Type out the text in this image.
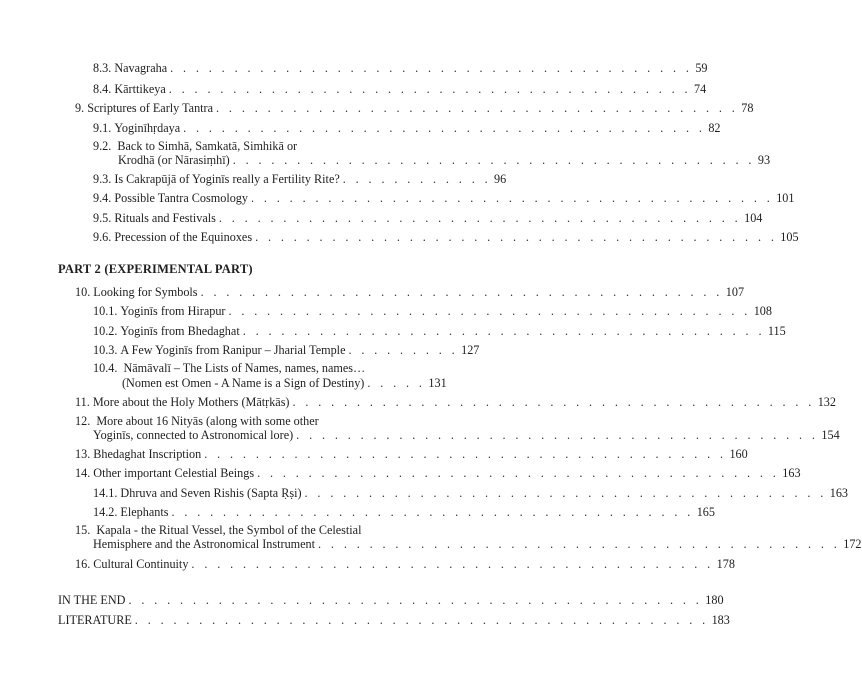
8.3.
Navagraha . . . . . . . . . . . . . . . . . . . . . . . . . . . . . . . . . . . . . . . . . 59
8.4.
Kārttikeya . . . . . . . . . . . . . . . . . . . . . . . . . . . . . . . . . . . . . . . . . 74
9.
Scriptures of Early Tantra . . . . . . . . . . . . . . . . . . . . . . . . . . . . . . . . . . . . . . . . . 78
9.1.
Yoginīhṛdaya . . . . . . . . . . . . . . . . . . . . . . . . . . . . . . . . . . . . . . . . . 82
9.2. Back to Simhā, Samkatā, Simhikā or
Krodhā (or Nārasiṃhī) . . . . . . . . . . . . . . . . . . . . . . . . . . . . . . . . . . . . . . . . . 93
9.3.
Is Cakrapūjā of Yoginīs really a Fertility Rite? . . . . . . . . . . . . 96
9.4.
Possible Tantra Cosmology . . . . . . . . . . . . . . . . . . . . . . . . . . . . . . . . . . . . . . . . . 101
9.5.
Rituals and Festivals . . . . . . . . . . . . . . . . . . . . . . . . . . . . . . . . . . . . . . . . . 104
9.6.
Precession of the Equinoxes . . . . . . . . . . . . . . . . . . . . . . . . . . . . . . . . . . . . . . . . . 105
PART 2 (EXPERIMENTAL PART)
10.
Looking for Symbols . . . . . . . . . . . . . . . . . . . . . . . . . . . . . . . . . . . . . . . . . 107
10.1.
Yoginīs from Hirapur . . . . . . . . . . . . . . . . . . . . . . . . . . . . . . . . . . . . . . . . . 108
10.2.
Yoginīs from Bhedaghat . . . . . . . . . . . . . . . . . . . . . . . . . . . . . . . . . . . . . . . . . 115
10.3.
A Few Yoginīs from Ranipur – Jharial Temple . . . . . . . . . 127
10.4. Nāmāvalī – The Lists of Names, names, names…
(Nomen est Omen - A Name is a Sign of Destiny) . . . . . 131
11.
More about the Holy Mothers (Mātṛkās) . . . . . . . . . . . . . . . . . . . . . . . . . . . . . . . . . . . . . . . . . 132
12. More about 16 Nityās (along with some other
Yoginīs, connected to Astronomical lore) . . . . . . . . . . . . . . . . . . . . . . . . . . . . . . . . . . . . . . . . . 154
13.
Bhedaghat Inscription . . . . . . . . . . . . . . . . . . . . . . . . . . . . . . . . . . . . . . . . . 160
14.
Other important Celestial Beings . . . . . . . . . . . . . . . . . . . . . . . . . . . . . . . . . . . . . . . . . 163
14.1.
Dhruva and Seven Rishis (Sapta Ṛṣi) . . . . . . . . . . . . . . . . . . . . . . . . . . . . . . . . . . . . . . . . . 163
14.2.
Elephants . . . . . . . . . . . . . . . . . . . . . . . . . . . . . . . . . . . . . . . . . 165
15. Kapala - the Ritual Vessel, the Symbol of the Celestial
Hemisphere and the Astronomical Instrument . . . . . . . . . . . . . . . . . . . . . . . . . . . . . . . . . . . . . . . . . 172
16.
Cultural Continuity . . . . . . . . . . . . . . . . . . . . . . . . . . . . . . . . . . . . . . . . . 178
IN THE END . . . . . . . . . . . . . . . . . . . . . . . . . . . . . . . . . . . . . . . . . . . . . 180
LITERATURE . . . . . . . . . . . . . . . . . . . . . . . . . . . . . . . . . . . . . . . . . . . . . 183
